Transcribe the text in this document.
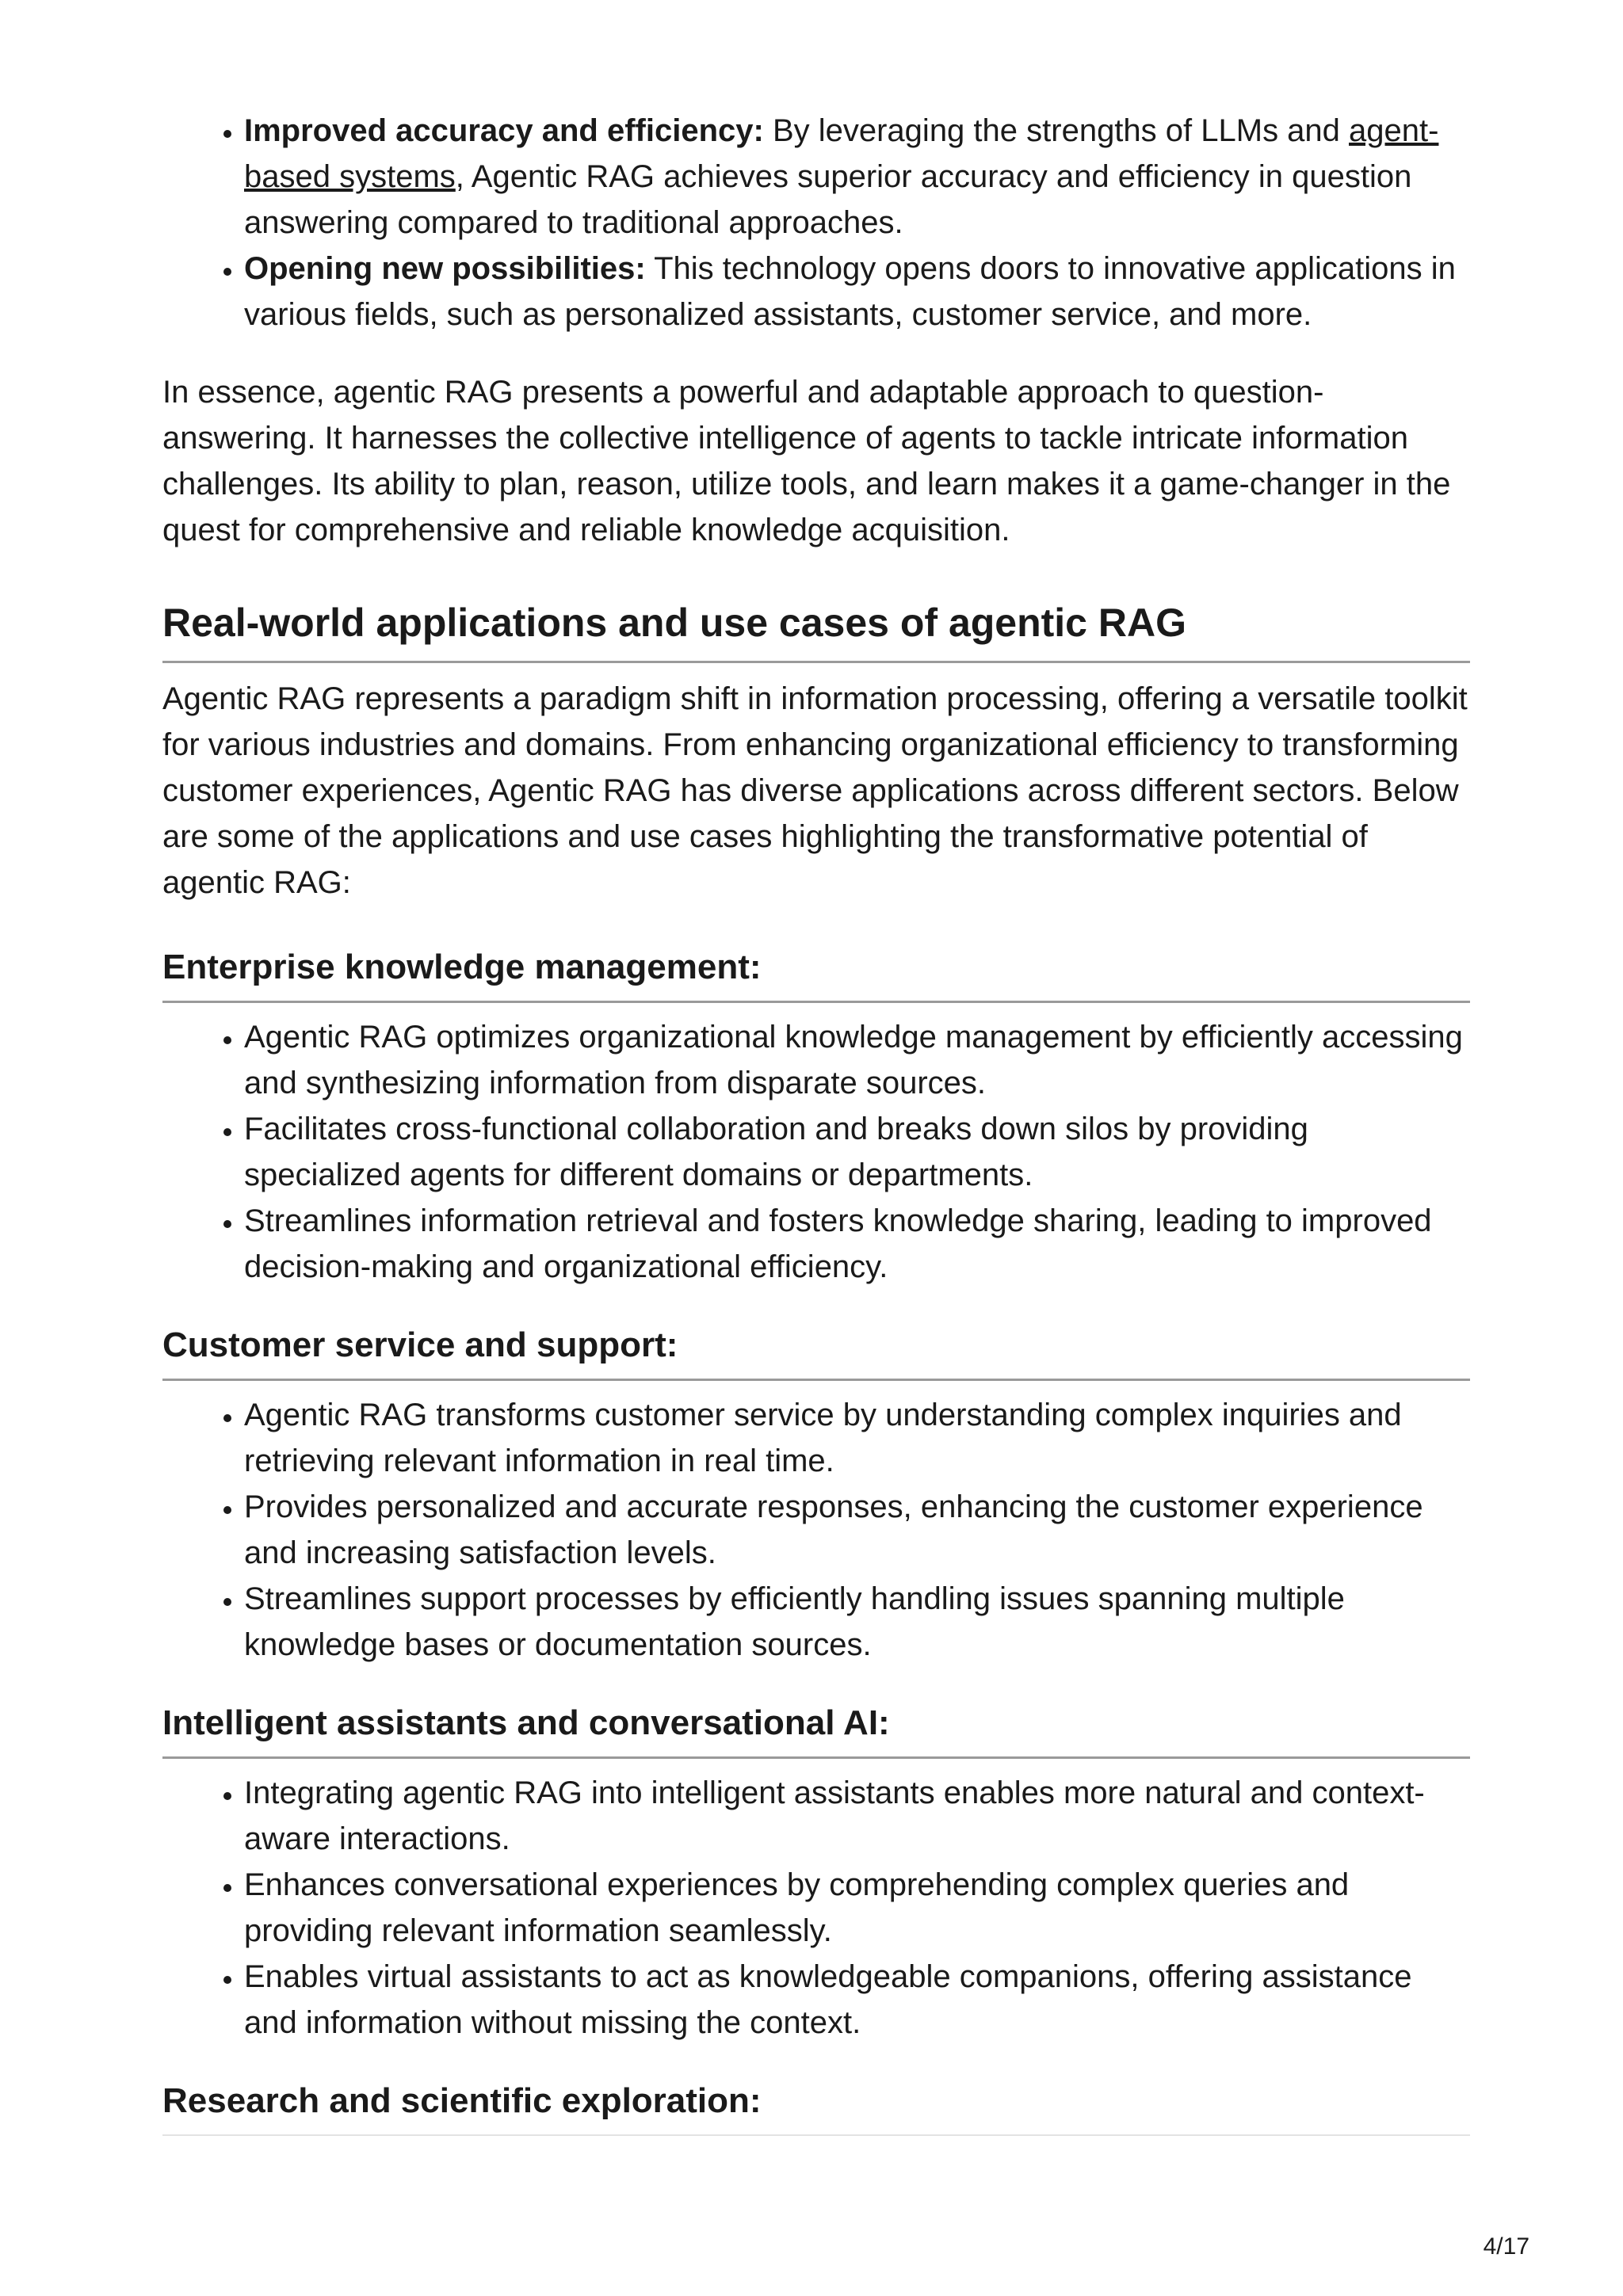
• Improved accuracy and efficiency: By leveraging the strengths of LLMs and agent-based systems, Agentic RAG achieves superior accuracy and efficiency in question answering compared to traditional approaches.
• Opening new possibilities: This technology opens doors to innovative applications in various fields, such as personalized assistants, customer service, and more.

In essence, agentic RAG presents a powerful and adaptable approach to question-answering. It harnesses the collective intelligence of agents to tackle intricate information challenges. Its ability to plan, reason, utilize tools, and learn makes it a game-changer in the quest for comprehensive and reliable knowledge acquisition.

Real-world applications and use cases of agentic RAG

Agentic RAG represents a paradigm shift in information processing, offering a versatile toolkit for various industries and domains. From enhancing organizational efficiency to transforming customer experiences, Agentic RAG has diverse applications across different sectors. Below are some of the applications and use cases highlighting the transformative potential of agentic RAG:

Enterprise knowledge management:
• Agentic RAG optimizes organizational knowledge management by efficiently accessing and synthesizing information from disparate sources.
• Facilitates cross-functional collaboration and breaks down silos by providing specialized agents for different domains or departments.
• Streamlines information retrieval and fosters knowledge sharing, leading to improved decision-making and organizational efficiency.
Customer service and support:
• Agentic RAG transforms customer service by understanding complex inquiries and retrieving relevant information in real time.
• Provides personalized and accurate responses, enhancing the customer experience and increasing satisfaction levels.
• Streamlines support processes by efficiently handling issues spanning multiple knowledge bases or documentation sources.
Intelligent assistants and conversational AI:
• Integrating agentic RAG into intelligent assistants enables more natural and context-aware interactions.
• Enhances conversational experiences by comprehending complex queries and providing relevant information seamlessly.
• Enables virtual assistants to act as knowledgeable companions, offering assistance and information without missing the context.
Research and scientific exploration:
4/17
